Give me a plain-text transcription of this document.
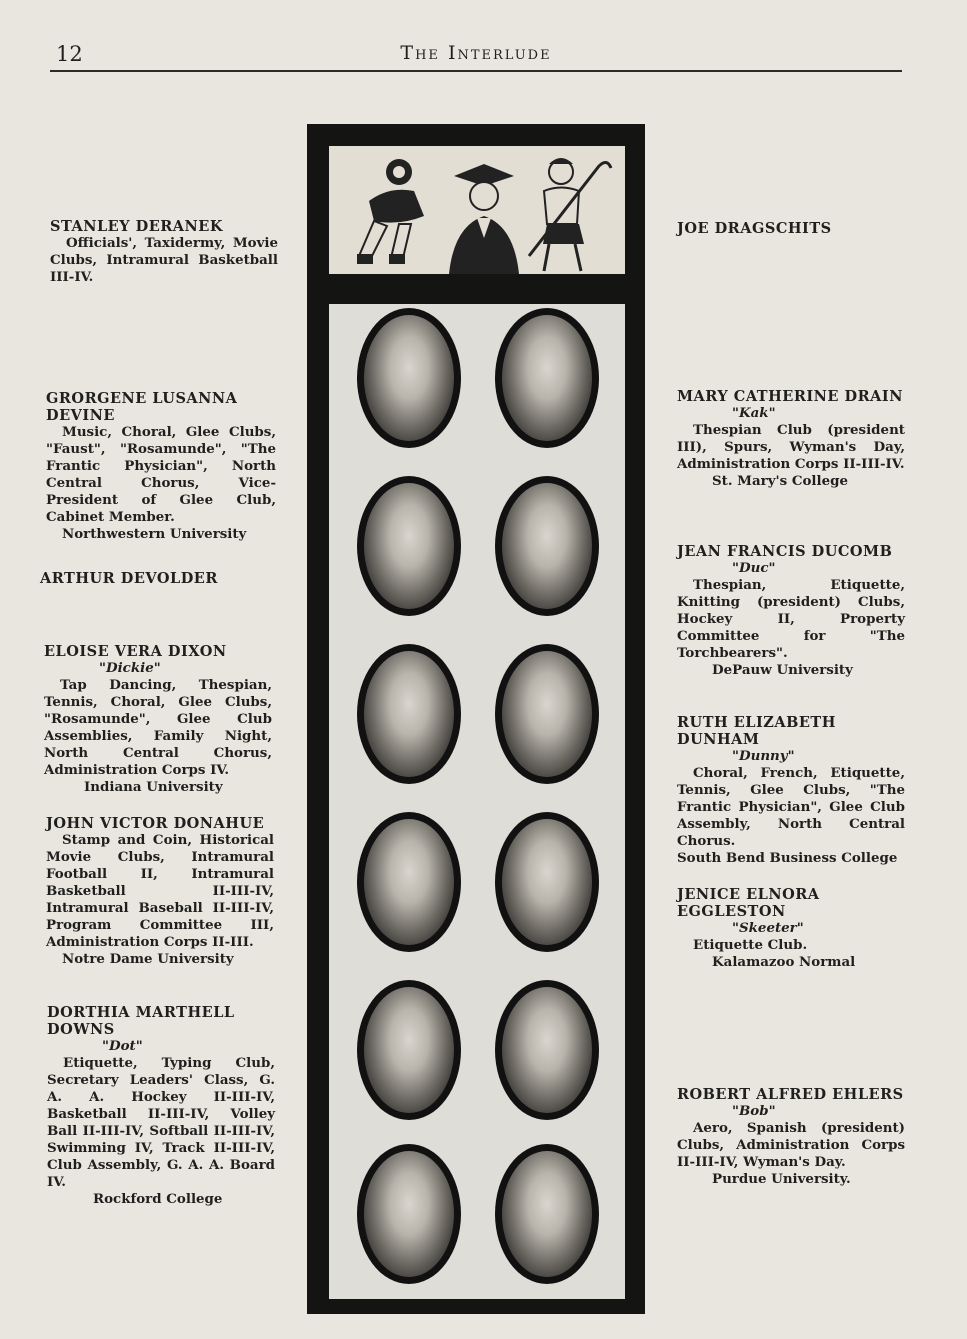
12	The Interlude
STANLEY DERANEK
Officials', Taxidermy, Movie Clubs, Intramural Basketball III-IV.
GRORGENE LUSANNA DEVINE
Music, Choral, Glee Clubs, "Faust", "Rosamunde", "The Frantic Physician", North Central Chorus, Vice-President of Glee Club, Cabinet Member.
Northwestern University
ARTHUR DEVOLDER
ELOISE VERA DIXON
"Dickie"
Tap Dancing, Thespian, Tennis, Choral, Glee Clubs, "Rosamunde", Glee Club Assemblies, Family Night, North Central Chorus, Administration Corps IV.
Indiana University
JOHN VICTOR DONAHUE
Stamp and Coin, Historical Movie Clubs, Intramural Football II, Intramural Basketball II-III-IV, Intramural Baseball II-III-IV, Program Committee III, Administration Corps II-III.
Notre Dame University
DORTHIA MARTHELL DOWNS
"Dot"
Etiquette, Typing Club, Secretary Leaders' Class, G. A. A. Hockey II-III-IV, Basketball II-III-IV, Volley Ball II-III-IV, Softball II-III-IV, Swimming IV, Track II-III-IV, Club Assembly, G. A. A. Board IV.
Rockford College
JOE DRAGSCHITS
MARY CATHERINE DRAIN
"Kak"
Thespian Club (president III), Spurs, Wyman's Day, Administration Corps II-III-IV.
St. Mary's College
JEAN FRANCIS DUCOMB
"Duc"
Thespian, Etiquette, Knitting (president) Clubs, Hockey II, Property Committee for "The Torchbearers".
DePauw University
RUTH ELIZABETH DUNHAM
"Dunny"
Choral, French, Etiquette, Tennis, Glee Clubs, "The Frantic Physician", Glee Club Assembly, North Central Chorus.
South Bend Business College
JENICE ELNORA EGGLESTON
"Skeeter"
Etiquette Club.
Kalamazoo Normal
ROBERT ALFRED EHLERS
"Bob"
Aero, Spanish (president) Clubs, Administration Corps II-III-IV, Wyman's Day.
Purdue University.
